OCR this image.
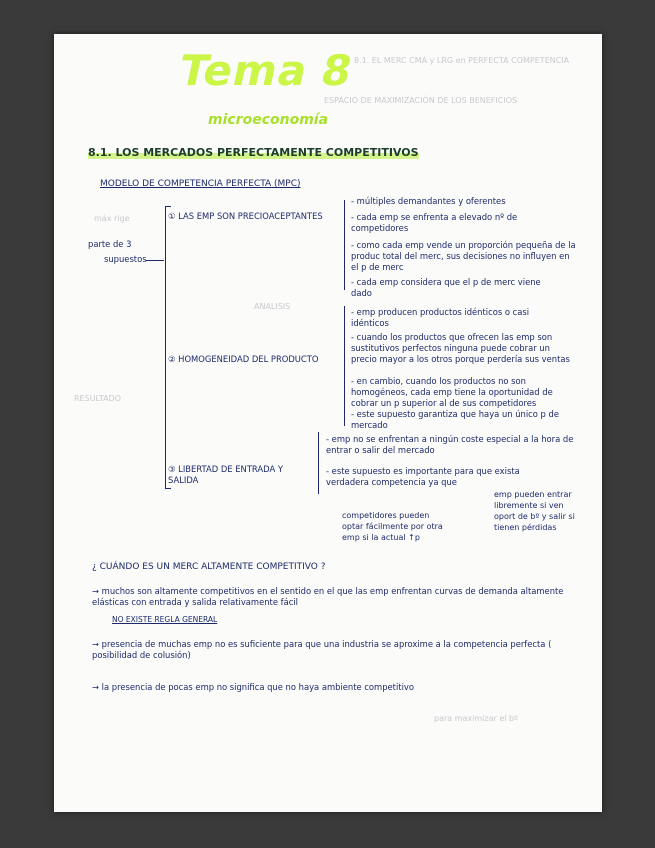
8.1. EL MERC CMA y LRG en PERFECTA COMPETENCIA
ESPACIO DE MAXIMIZACIÓN DE LOS BENEFICIOS
máx rige
RESULTADO
ANALISIS
para maximizar el bº
Tema 8
microeconomía
8.1. LOS MERCADOS PERFECTAMENTE COMPETITIVOS
MODELO DE COMPETENCIA PERFECTA (MPC)
parte de 3
supuestos
① LAS EMP SON PRECIOACEPTANTES
- múltiples demandantes y oferentes
- cada emp se enfrenta a elevado nº de competidores
- como cada emp vende un proporción pequeña de la produc total del merc, sus decisiones no influyen en el p de merc
- cada emp considera que el p de merc viene dado
② HOMOGENEIDAD DEL PRODUCTO
- emp producen productos idénticos o casi idénticos
- cuando los productos que ofrecen las emp son sustitutivos perfectos ninguna puede cobrar un precio mayor a los otros porque perdería sus ventas
- en cambio, cuando los productos no son homogéneos, cada emp tiene la oportunidad de cobrar un p superior al de sus competidores
- este supuesto garantiza que haya un único p de mercado
③ LIBERTAD DE ENTRADA Y SALIDA
- emp no se enfrentan a ningún coste especial a la hora de entrar o salir del mercado
- este supuesto es importante para que exista verdadera competencia ya que
emp pueden entrar libremente si ven oport de bº y salir si tienen pérdidas
competidores pueden optar fácilmente por otra emp si la actual ↑p
¿ CUÁNDO ES UN MERC ALTAMENTE COMPETITIVO ?
→ muchos son altamente competitivos en el sentido en el que las emp enfrentan curvas de demanda altamente elásticas con entrada y salida relativamente fácil
NO EXISTE REGLA GENERAL
→ presencia de muchas emp no es suficiente para que una industria se aproxime a la competencia perfecta ( posibilidad de colusión)
→ la presencia de pocas emp no significa que no haya ambiente competitivo
